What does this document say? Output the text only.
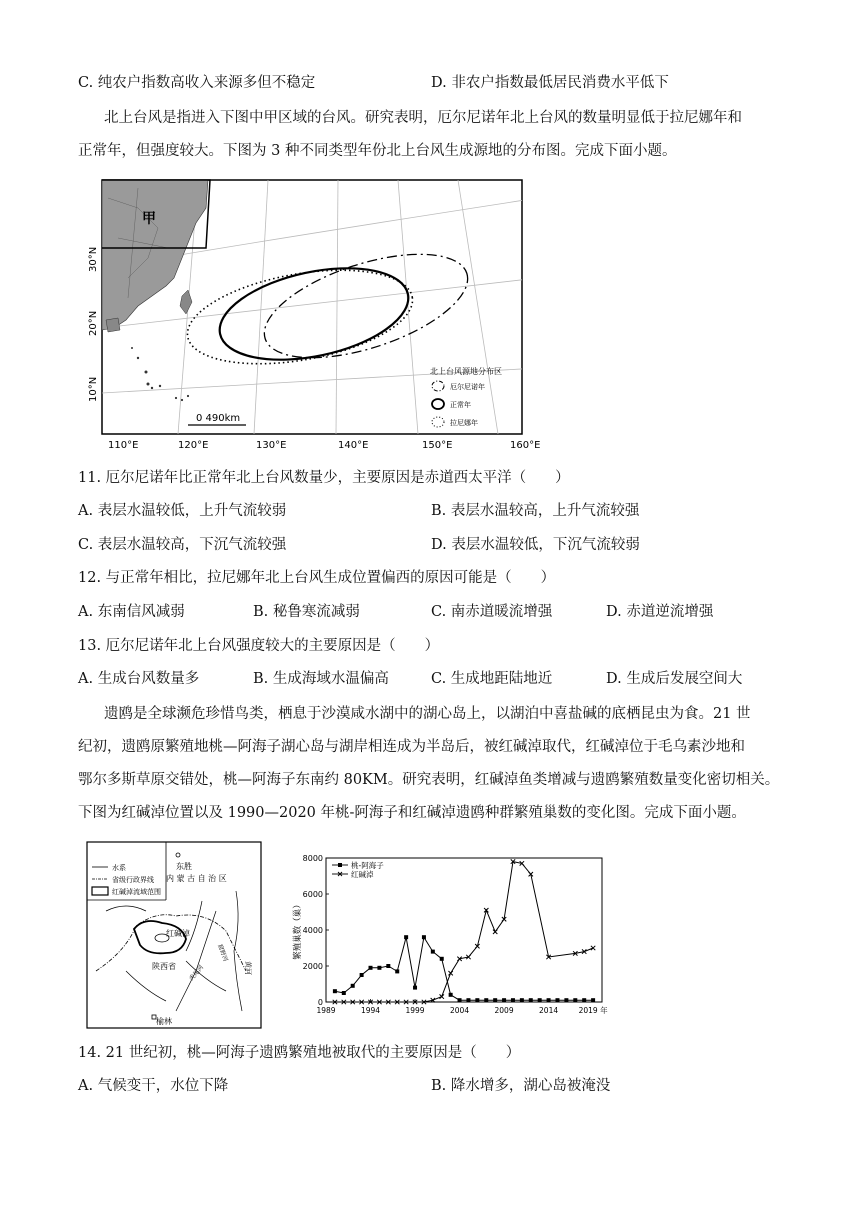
C. 纯农户指数高收入来源多但不稳定	D. 非农户指数最低居民消费水平低下
北上台风是指进入下图中甲区域的台风。研究表明，厄尔尼诺年北上台风的数量明显低于拉尼娜年和
正常年，但强度较大。下图为 3 种不同类型年份北上台风生成源地的分布图。完成下面小题。
甲
30°N
20°N
10°N
110°E	120°E	130°E	140°E	150°E	160°E
0 490km
北上台风源地分布区
厄尔尼诺年
正常年
拉尼娜年
11. 厄尔尼诺年比正常年北上台风数量少，主要原因是赤道西太平洋（　　）
A. 表层水温较低，上升气流较弱	B. 表层水温较高，上升气流较强
C. 表层水温较高，下沉气流较强	D. 表层水温较低，下沉气流较弱
12. 与正常年相比，拉尼娜年北上台风生成位置偏西的原因可能是（　　）
A. 东南信风减弱	B. 秘鲁寒流减弱	C. 南赤道暖流增强	D. 赤道逆流增强
13. 厄尔尼诺年北上台风强度较大的主要原因是（　　）
A. 生成台风数量多	B. 生成海域水温偏高	C. 生成地距陆地近	D. 生成后发展空间大
遗鸥是全球濒危珍惜鸟类，栖息于沙漠咸水湖中的湖心岛上，以湖泊中喜盐碱的底栖昆虫为食。21 世
纪初，遗鸥原繁殖地桃—阿海子湖心岛与湖岸相连成为半岛后，被红碱淖取代，红碱淖位于毛乌素沙地和
鄂尔多斯草原交错处，桃—阿海子东南约 80KM。研究表明，红碱淖鱼类增减与遗鸥繁殖数量变化密切相关。
下图为红碱淖位置以及 1990—2020 年桃-阿海子和红碱淖遗鸥种群繁殖巢数的变化图。完成下面小题。
水系
省级行政界线
红碱淖流域范围
东胜
内 蒙 古 自 治 区
红碱淖
陕西省	黄河
榆林
窟野河
秃尾河
0
2000
4000
6000
8000
1989	1994	1999	2004	2009	2014	2019 年
繁殖巢数（巢）
桃-阿海子
红碱淖
14. 21 世纪初，桃—阿海子遗鸥繁殖地被取代的主要原因是（　　）
A. 气候变干，水位下降	B. 降水增多，湖心岛被淹没
